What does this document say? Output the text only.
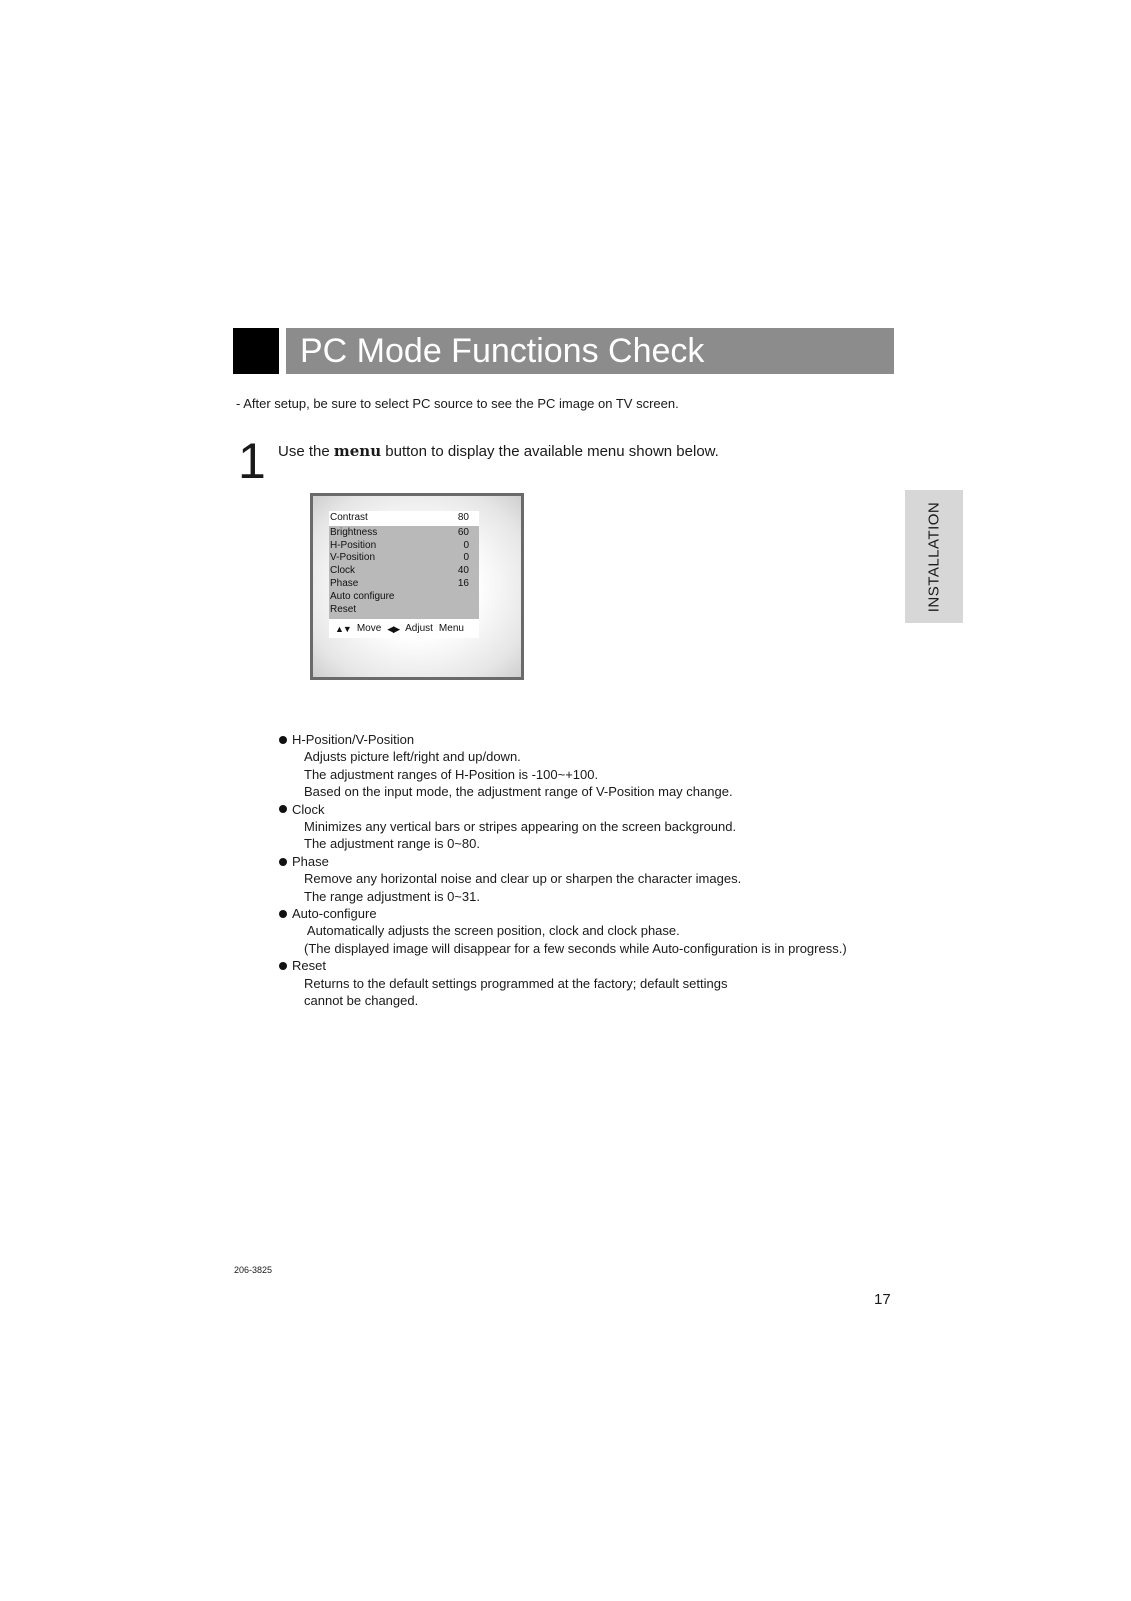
PC Mode Functions Check
- After setup, be sure to select PC source to see the PC image on TV screen.
1 Use the menu button to display the available menu shown below.
Contrast	80
Brightness	60
H-Position	0
V-Position	0
Clock	40
Phase	16
Auto configure
Reset
▲▼ Move ◀▶ Adjust Menu
INSTALLATION
H-Position/V-Position
Adjusts picture left/right and up/down.
The adjustment ranges of H-Position is -100~+100.
Based on the input mode, the adjustment range of V-Position may change.
Clock
Minimizes any vertical bars or stripes appearing on the screen background.
The adjustment range is 0~80.
Phase
Remove any horizontal noise and clear up or sharpen the character images.
The range adjustment is 0~31.
Auto-configure
Automatically adjusts the screen position, clock and clock phase.
(The displayed image will disappear for a few seconds while Auto-configuration is in progress.)
Reset
Returns to the default settings programmed at the factory; default settings
cannot be changed.
206-3825
17
